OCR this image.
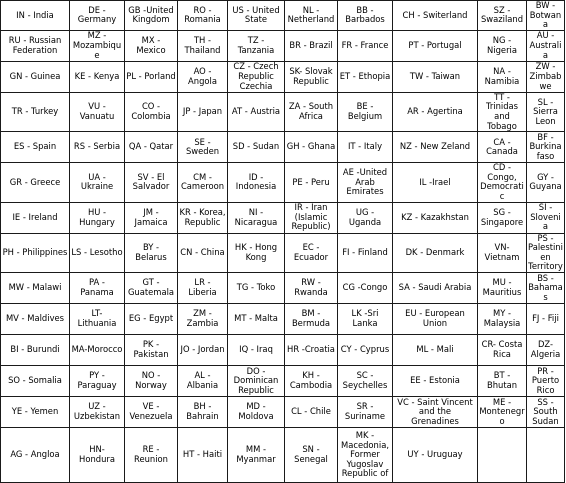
IN - India	DE - Germany	GB -United Kingdom	RO - Romania	US - United State	NL - Netherland	BB - Barbados	CH - Switerland	SZ - Swaziland	BW - Botwana
RU - Russian Federation	MZ - Mozambique	MX - Mexico	TH - Thailand	TZ - Tanzania	BR - Brazil	FR - France	PT - Portugal	NG - Nigeria	AU - Australia
GN - Guinea	KE - Kenya	PL - Porland	AO - Angola	CZ - Czech Republic Czechia	SK- Slovak Republic	ET - Ethopia	TW - Taiwan	NA - Namibia	ZW - Zimbabwe
TR - Turkey	VU - Vanuatu	CO - Colombia	JP - Japan	AT - Austria	ZA - South Africa	BE - Belgium	AR - Agertina	TT - Trinidas and Tobago	SL - Sierra Leon
ES - Spain	RS - Serbia	QA - Qatar	SE - Sweden	SD - Sudan	GH - Ghana	IT - Italy	NZ - New Zeland	CA - Canada	BF - Burkinafaso
GR - Greece	UA - Ukraine	SV - El Salvador	CM - Cameroon	ID - Indonesia	PE - Peru	AE -United Arab Emirates	IL -Irael	CD - Congo, Democratic	GY - Guyana
IE - Ireland	HU - Hungary	JM - Jamaica	KR - Korea, Republic	NI - Nicaragua	IR - Iran (Islamic Republic)	UG - Uganda	KZ - Kazakhstan	SG - Singapore	SI - Slovenia
PH - Philippines	LS - Lesotho	BY - Belarus	CN - China	HK - Hong Kong	EC -Ecuador	FI - Finland	DK - Denmark	VN-Vietnam	PS - Palestinien Territory
MW - Malawi	PA - Panama	GT - Guatemala	LR - Liberia	TG - Toko	RW - Rwanda	CG -Congo	SA - Saudi Arabia	MU - Mauritius	BS - Bahamas
MV - Maldives	LT- Lithuania	EG - Egypt	ZM - Zambia	MT - Malta	BM - Bermuda	LK -Sri Lanka	EU - European Union	MY - Malaysia	FJ - Fiji
BI - Burundi	MA-Morocco	PK - Pakistan	JO - Jordan	IQ - Iraq	HR -Croatia	CY - Cyprus	ML - Mali	CR- Costa Rica	DZ- Algeria
SO - Somalia	PY - Paraguay	NO - Norway	AL - Albania	DO - Dominican Republic	KH - Cambodia	SC - Seychelles	EE - Estonia	BT -Bhutan	PR -Puerto Rico
YE - Yemen	UZ - Uzbekistan	VE - Venezuela	BH -Bahrain	MD - Moldova	CL - Chile	SR - Suriname	VC - Saint Vincent and the Grenadines	ME - Montenegro	SS - South Sudan
AG - Angloa	HN- Hondura	RE - Reunion	HT - Haiti	MM - Myanmar	SN - Senegal	MK - Macedonia, Former Yugoslav Republic of	UY - Uruguay		
